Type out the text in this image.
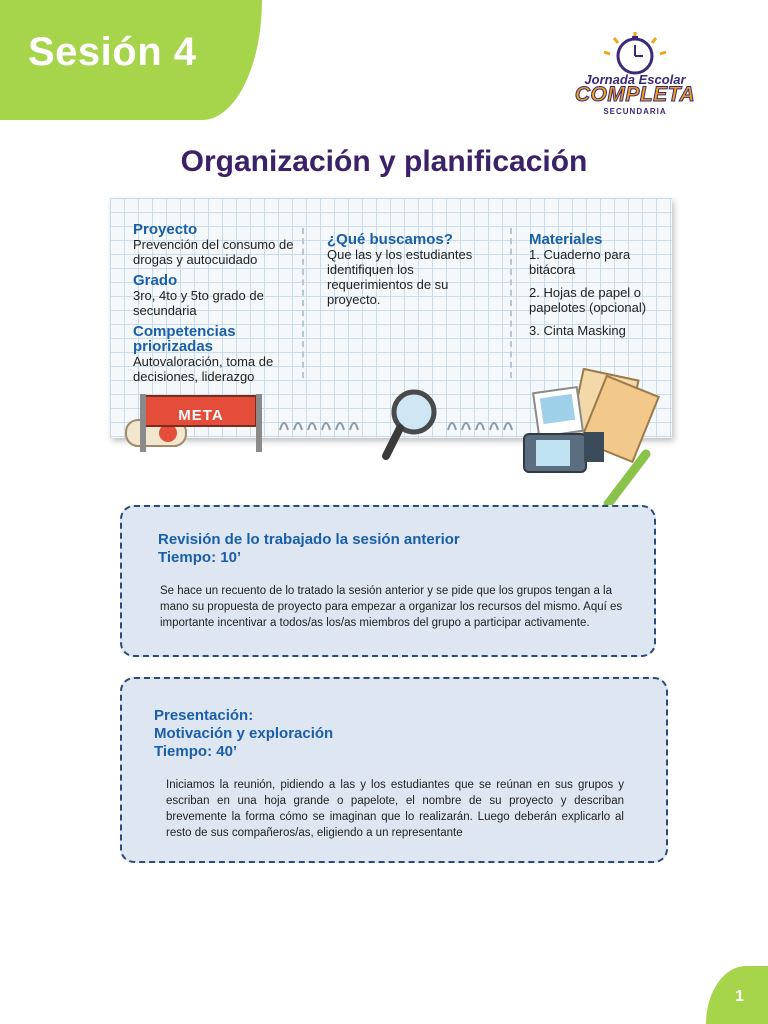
Sesión 4
Jornada Escolar
COMPLETA
SECUNDARIA
Organización y planificación
Proyecto
Prevención del consumo de drogas y autocuidado
Grado
3ro, 4to y 5to grado de secundaria
Competencias priorizadas
Autovaloración, toma de decisiones, liderazgo
¿Qué buscamos?
Que las y los estudiantes identifiquen los requerimientos de su proyecto.
Materiales
1. Cuaderno para bitácora
2. Hojas de papel o papelotes (opcional)
3. Cinta Masking
META
Revisión de lo trabajado la sesión anterior
Tiempo: 10’
Se hace un recuento de lo tratado la sesión anterior y se pide que los grupos tengan a la mano su propuesta de proyecto para empezar a organizar los recursos del mismo. Aquí es importante incentivar a todos/as los/as miembros del grupo a participar activamente.
Presentación:
Motivación y exploración
Tiempo: 40’
Iniciamos la reunión, pidiendo a las y los estudiantes que se reúnan en sus grupos y escriban en una hoja grande o papelote, el nombre de su proyecto y describan brevemente la forma cómo se imaginan que lo realizarán. Luego deberán explicarlo al resto de sus compañeros/as, eligiendo a un representante
1
